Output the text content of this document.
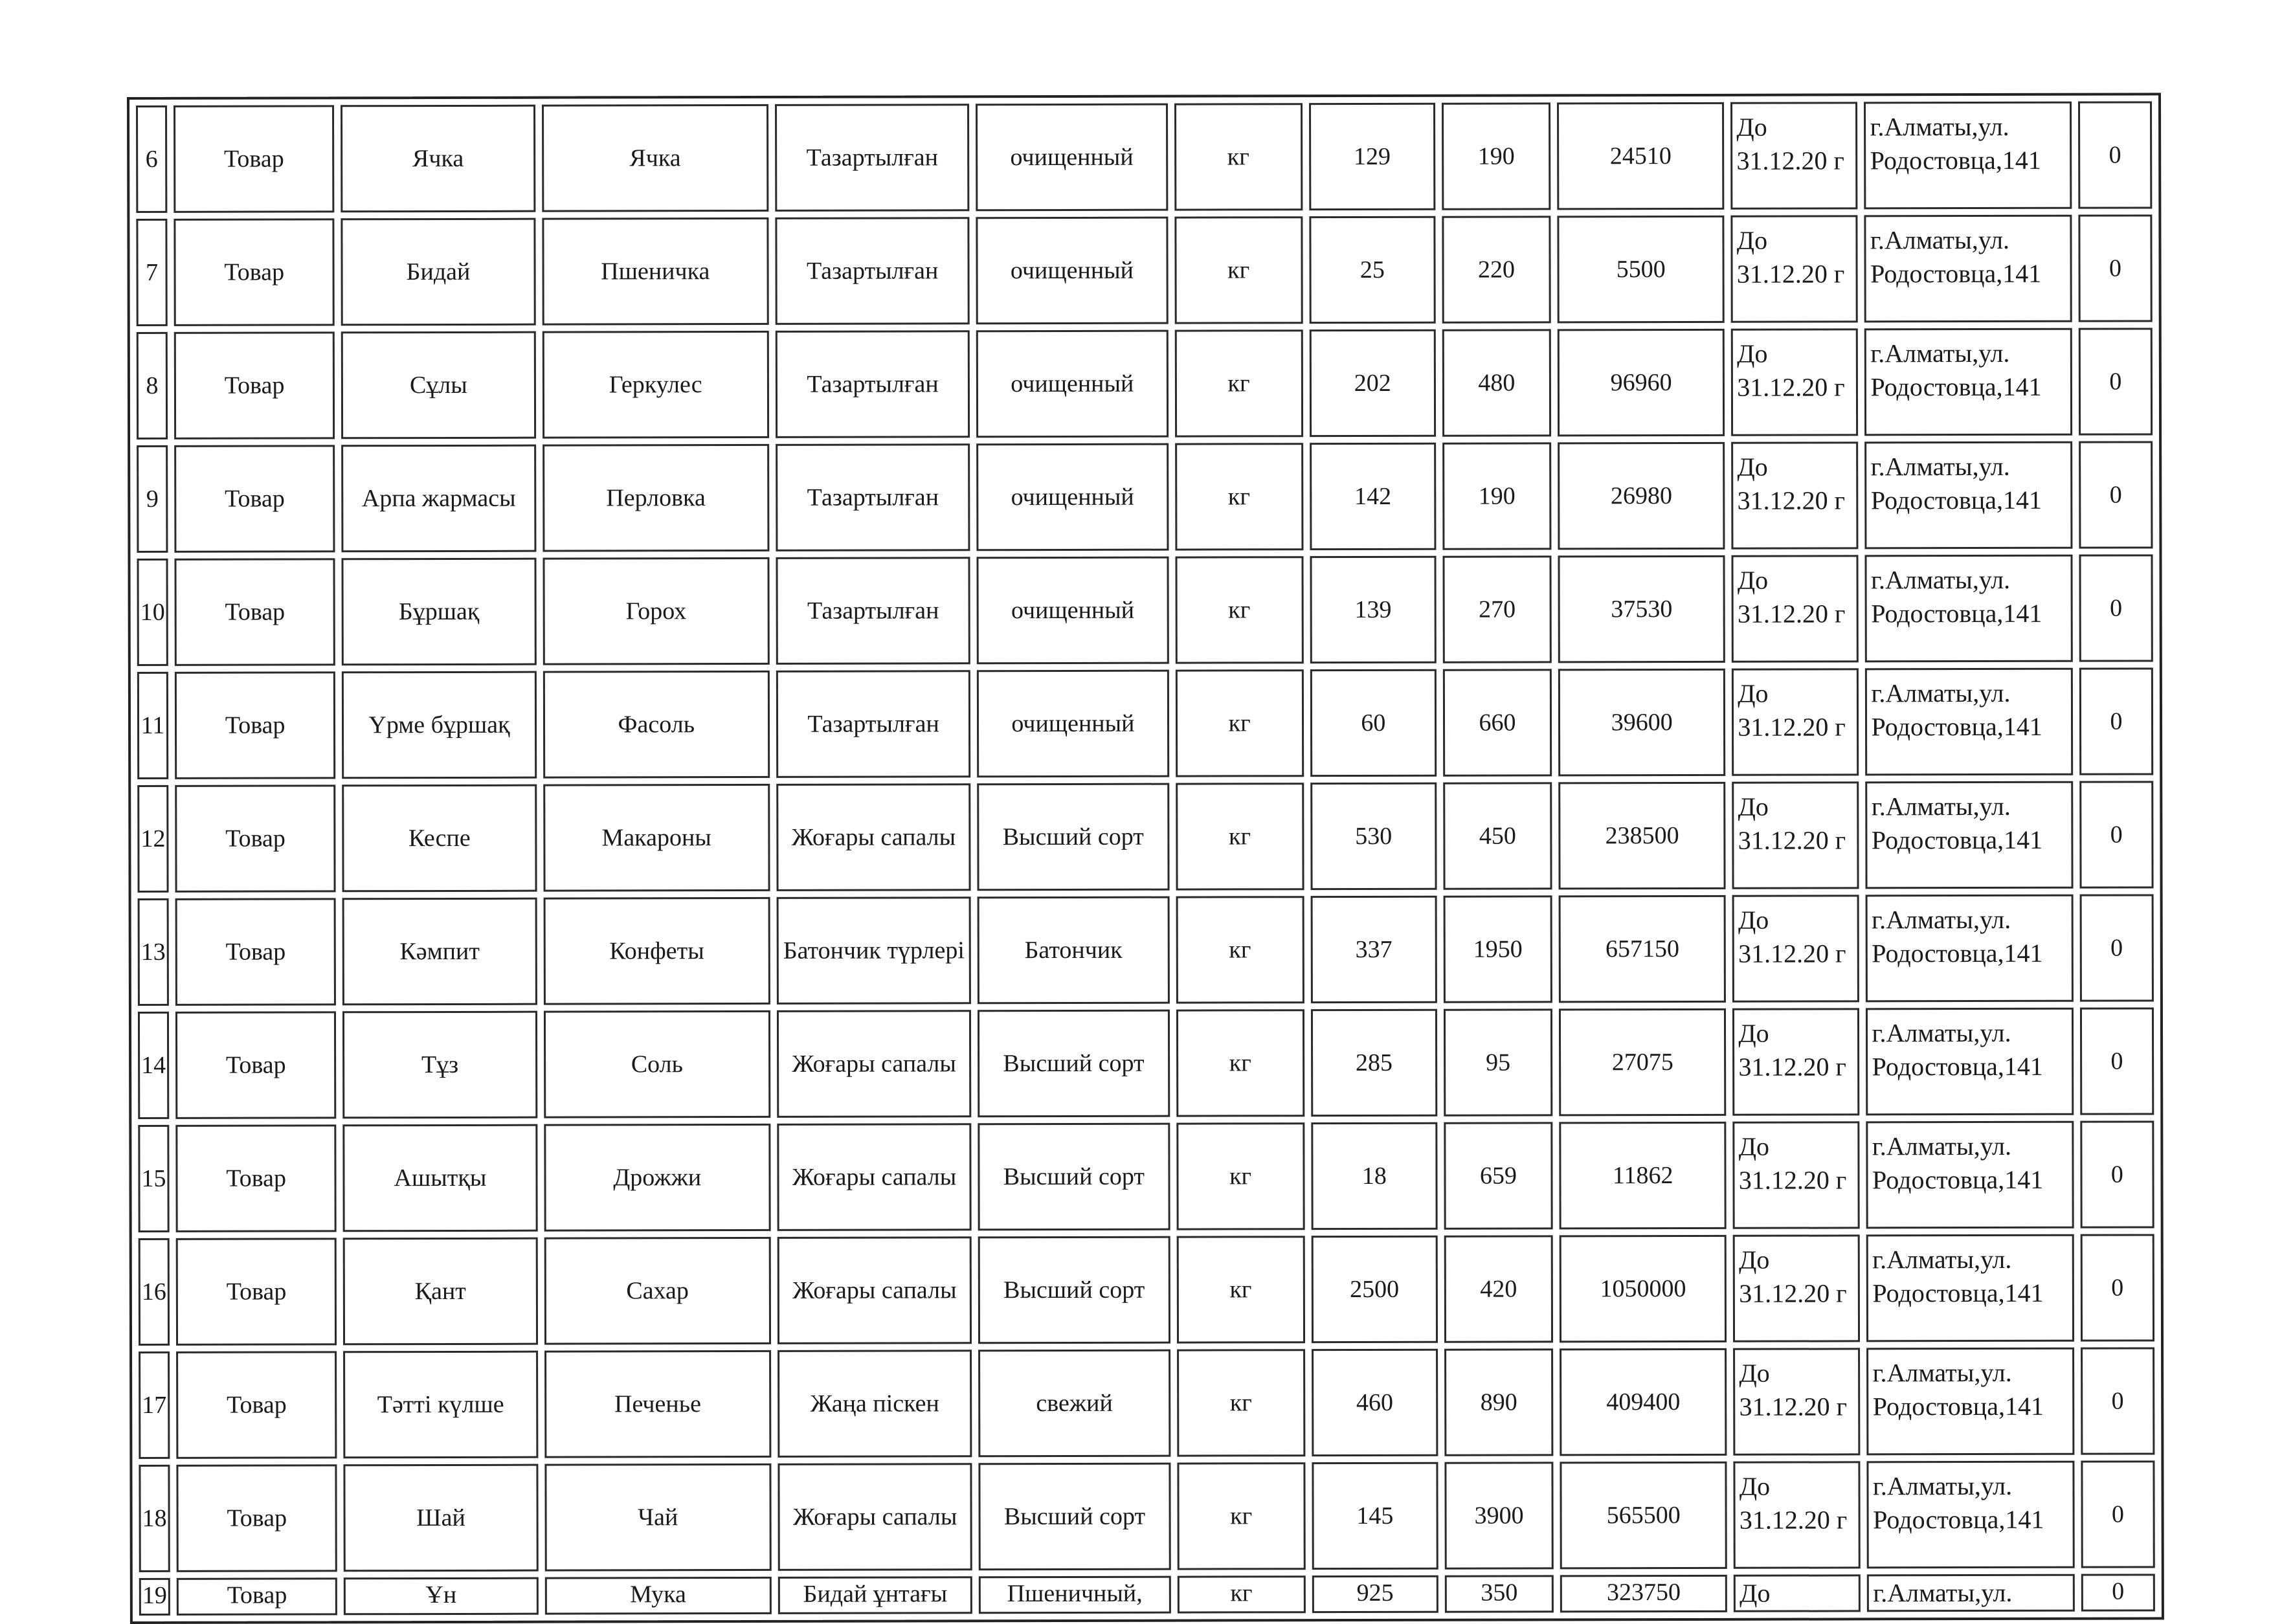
6	Товар	Ячка	Ячка	Тазартылған	очищенный	кг	129	190	24510	До 31.12.20 г	г.Алматы,ул. Родостовца,141	0
7	Товар	Бидай	Пшеничка	Тазартылған	очищенный	кг	25	220	5500	До 31.12.20 г	г.Алматы,ул. Родостовца,141	0
8	Товар	Сұлы	Геркулес	Тазартылған	очищенный	кг	202	480	96960	До 31.12.20 г	г.Алматы,ул. Родостовца,141	0
9	Товар	Арпа жармасы	Перловка	Тазартылған	очищенный	кг	142	190	26980	До 31.12.20 г	г.Алматы,ул. Родостовца,141	0
10	Товар	Бұршақ	Горох	Тазартылған	очищенный	кг	139	270	37530	До 31.12.20 г	г.Алматы,ул. Родостовца,141	0
11	Товар	Үрме бұршақ	Фасоль	Тазартылған	очищенный	кг	60	660	39600	До 31.12.20 г	г.Алматы,ул. Родостовца,141	0
12	Товар	Кеспе	Макароны	Жоғары сапалы	Высший сорт	кг	530	450	238500	До 31.12.20 г	г.Алматы,ул. Родостовца,141	0
13	Товар	Кәмпит	Конфеты	Батончик түрлері	Батончик	кг	337	1950	657150	До 31.12.20 г	г.Алматы,ул. Родостовца,141	0
14	Товар	Тұз	Соль	Жоғары сапалы	Высший сорт	кг	285	95	27075	До 31.12.20 г	г.Алматы,ул. Родостовца,141	0
15	Товар	Ашытқы	Дрожжи	Жоғары сапалы	Высший сорт	кг	18	659	11862	До 31.12.20 г	г.Алматы,ул. Родостовца,141	0
16	Товар	Қант	Сахар	Жоғары сапалы	Высший сорт	кг	2500	420	1050000	До 31.12.20 г	г.Алматы,ул. Родостовца,141	0
17	Товар	Тәтті күлше	Печенье	Жаңа піскен	свежий	кг	460	890	409400	До 31.12.20 г	г.Алматы,ул. Родостовца,141	0
18	Товар	Шай	Чай	Жоғары сапалы	Высший сорт	кг	145	3900	565500	До 31.12.20 г	г.Алматы,ул. Родостовца,141	0
19	Товар	Ұн	Мука	Бидай ұнтағы	Пшеничный,	кг	925	350	323750	До	г.Алматы,ул.	0
